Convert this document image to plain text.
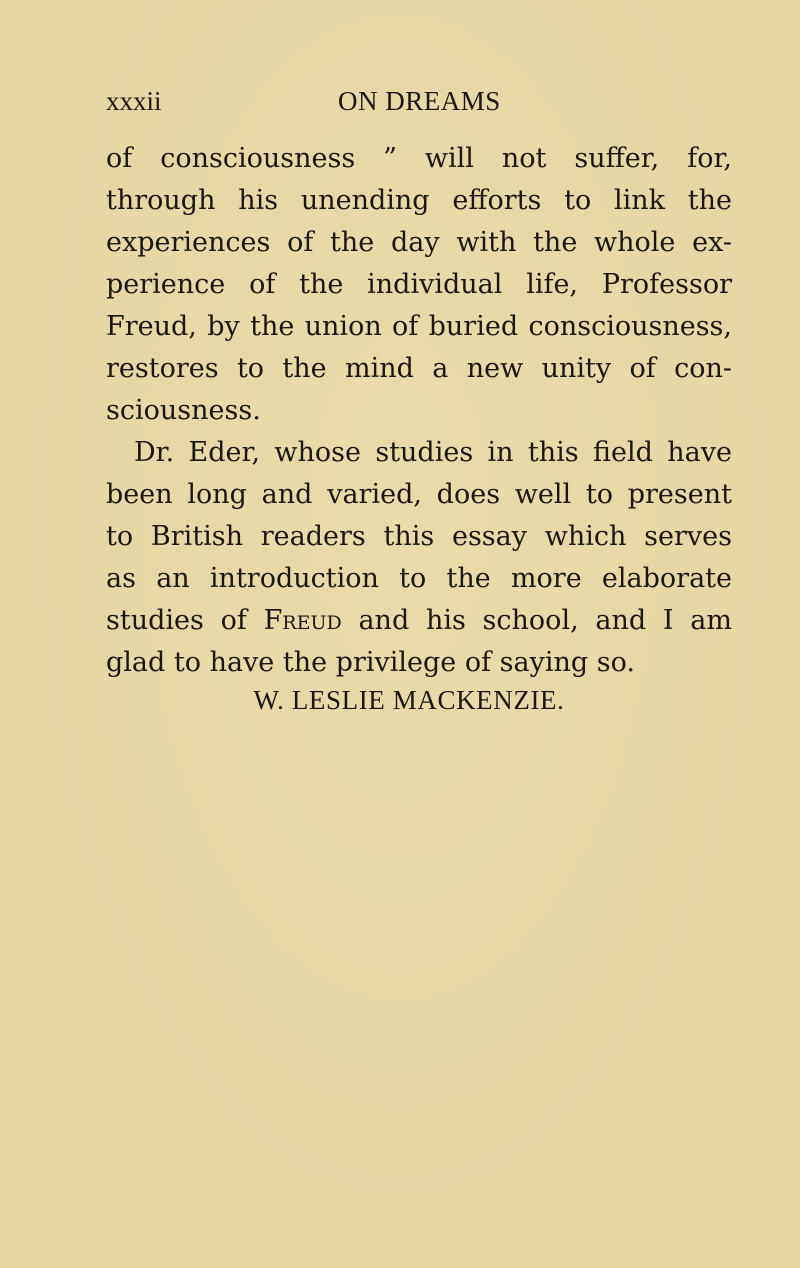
xxxii	ON DREAMS
of consciousness ” will not suffer, for,
through his unending efforts to link the
experiences of the day with the whole ex-
perience of the individual life, Professor
Freud, by the union of buried consciousness,
restores to the mind a new unity of con-
sciousness.
Dr. Eder, whose studies in this field have
been long and varied, does well to present
to British readers this essay which serves
as an introduction to the more elaborate
studies of Freud and his school, and I am
glad to have the privilege of saying so.
W. LESLIE MACKENZIE.
